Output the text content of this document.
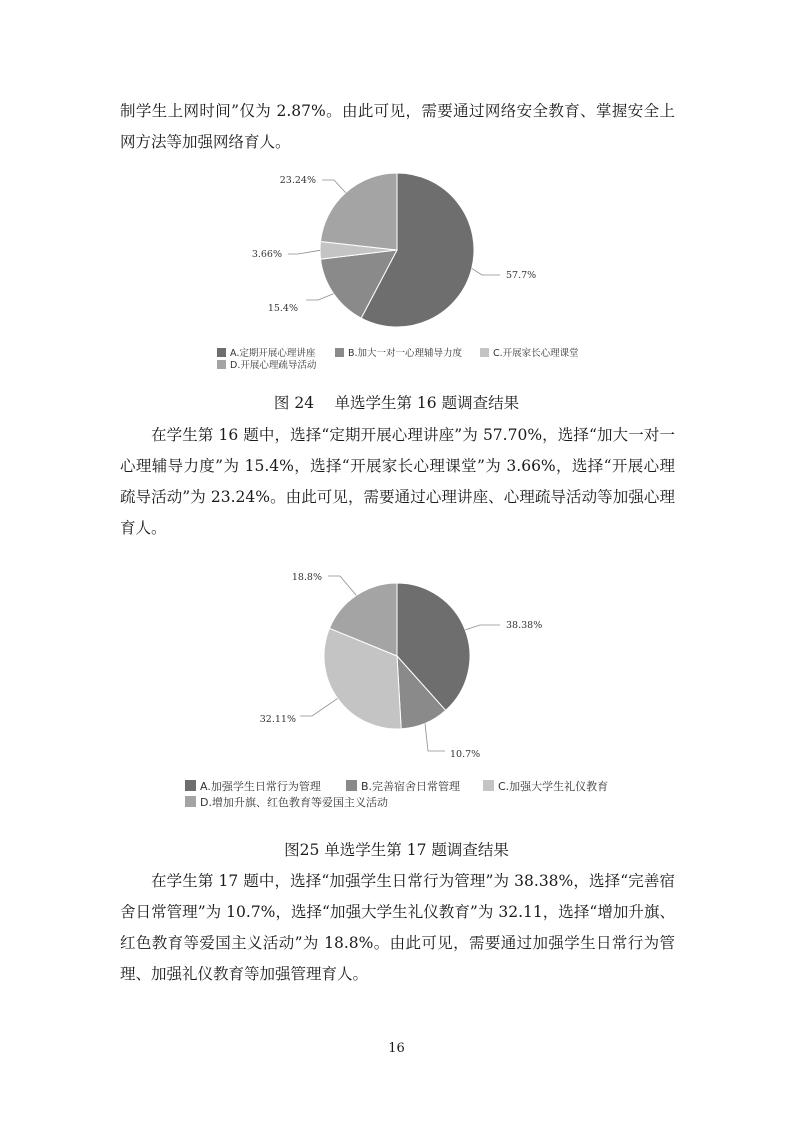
制学生上网时间”仅为 2.87%。由此可见，需要通过网络安全教育、掌握安全上网方法等加强网络育人。

57.7%
15.4%
3.66%
23.24%
A.定期开展心理讲座	B.加大一对一心理辅导力度	C.开展家长心理课堂
D.开展心理疏导活动
图 24　 单选学生第 16 题调查结果

在学生第 16 题中，选择“定期开展心理讲座”为 57.70%，选择“加大一对一心理辅导力度”为 15.4%，选择“开展家长心理课堂”为 3.66%，选择“开展心理疏导活动”为 23.24%。由此可见，需要通过心理讲座、心理疏导活动等加强心理育人。

38.38%
10.7%
32.11%
18.8%
A.加强学生日常行为管理	B.完善宿舍日常管理	C.加强大学生礼仪教育
D.增加升旗、红色教育等爱国主义活动
图25 单选学生第 17 题调查结果

在学生第 17 题中，选择“加强学生日常行为管理”为 38.38%，选择“完善宿舍日常管理”为 10.7%，选择“加强大学生礼仪教育”为 32.11，选择“增加升旗、红色教育等爱国主义活动”为 18.8%。由此可见，需要通过加强学生日常行为管理、加强礼仪教育等加强管理育人。

16
